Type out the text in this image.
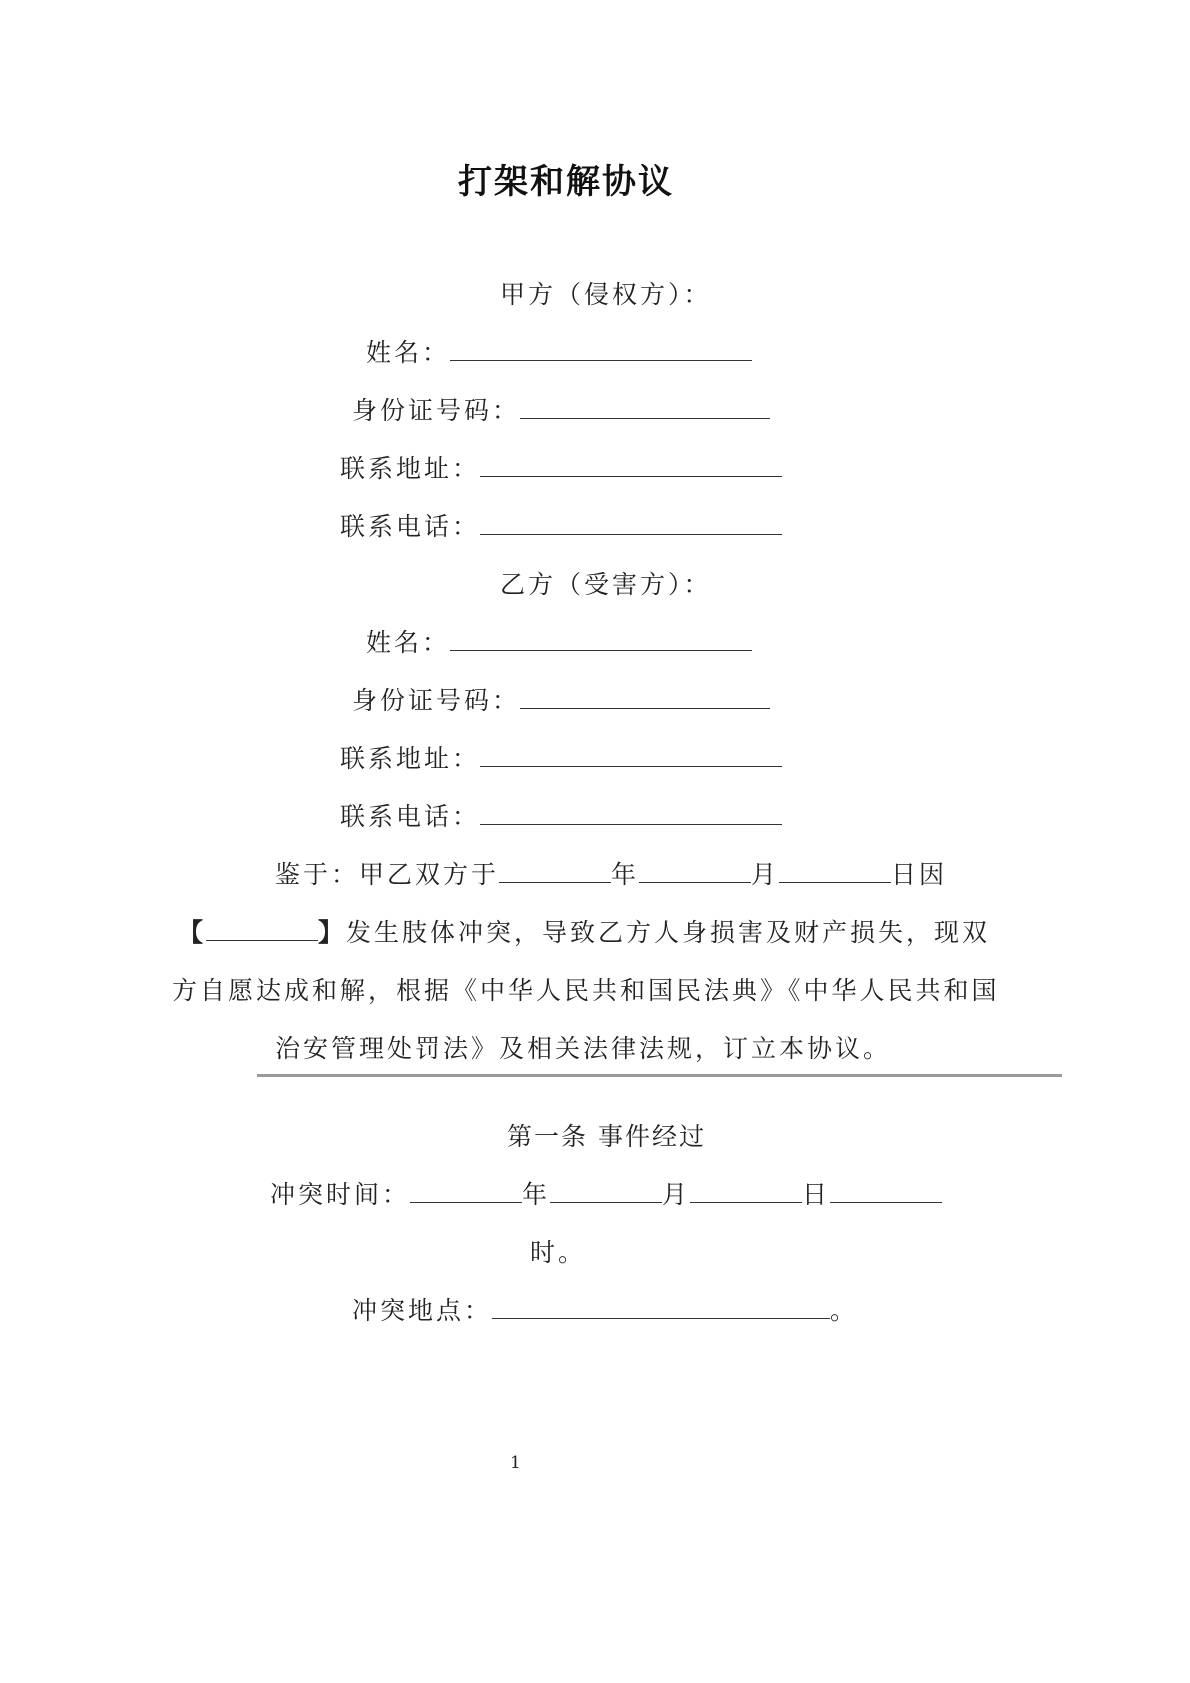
打架和解协议
甲方（侵权方）：
姓名：
身份证号码：
联系地址：
联系电话：
乙方（受害方）：
姓名：
身份证号码：
联系地址：
联系电话：
鉴于：甲乙双方于	年	月	日因
【	】发生肢体冲突，导致乙方人身损害及财产损失，现双
方自愿达成和解，根据《中华人民共和国民法典》《中华人民共和国
治安管理处罚法》及相关法律法规，订立本协议。
第一条 事件经过
冲突时间：	年	月	日
时。
冲突地点：	。
1
